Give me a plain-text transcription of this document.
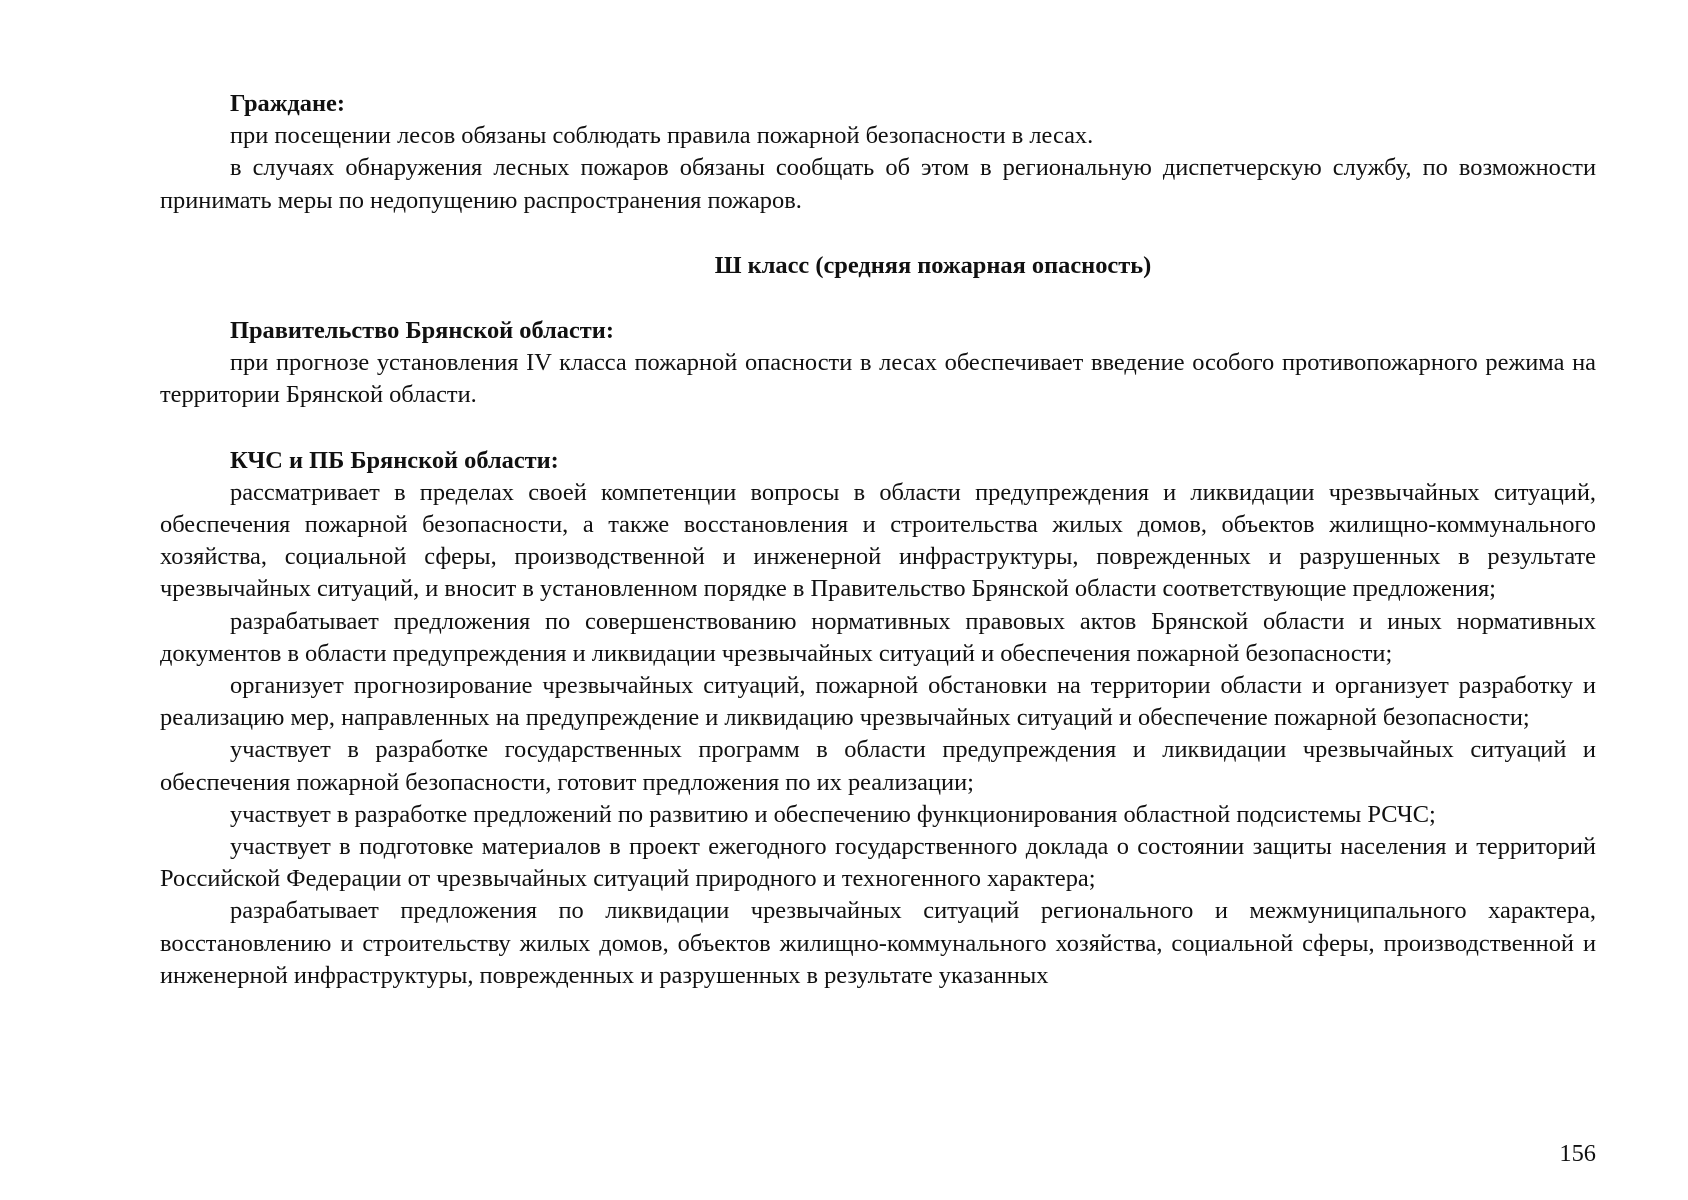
Граждане:

при посещении лесов обязаны соблюдать правила пожарной безопасности в лесах.

в случаях обнаружения лесных пожаров обязаны сообщать об этом в региональную диспетчерскую службу, по возможности принимать меры по недопущению распространения пожаров.

Ш класс (средняя пожарная опасность)

Правительство Брянской области:

при прогнозе установления IV класса пожарной опасности в лесах обеспечивает введение особого противопожарного режима на территории Брянской области.

КЧС и ПБ Брянской области:

рассматривает в пределах своей компетенции вопросы в области предупреждения и ликвидации чрезвычайных ситуаций, обеспечения пожарной безопасности, а также восстановления и строительства жилых домов, объектов жилищно-коммунального хозяйства, социальной сферы, производственной и инженерной инфраструктуры, поврежденных и разрушенных в результате чрезвычайных ситуаций, и вносит в установленном порядке в Правительство Брянской области соответствующие предложения;

разрабатывает предложения по совершенствованию нормативных правовых актов Брянской области и иных нормативных документов в области предупреждения и ликвидации чрезвычайных ситуаций и обеспечения пожарной безопасности;

организует прогнозирование чрезвычайных ситуаций, пожарной обстановки на территории области и организует разработку и реализацию мер, направленных на предупреждение и ликвидацию чрезвычайных ситуаций и обеспечение пожарной безопасности;

участвует в разработке государственных программ в области предупреждения и ликвидации чрезвычайных ситуаций и обеспечения пожарной безопасности, готовит предложения по их реализации;

участвует в разработке предложений по развитию и обеспечению функционирования областной подсистемы РСЧС;

участвует в подготовке материалов в проект ежегодного государственного доклада о состоянии защиты населения и территорий Российской Федерации от чрезвычайных ситуаций природного и техногенного характера;

разрабатывает предложения по ликвидации чрезвычайных ситуаций регионального и межмуниципального характера, восстановлению и строительству жилых домов, объектов жилищно-коммунального хозяйства, социальной сферы, производственной и инженерной инфраструктуры, поврежденных и разрушенных в результате указанных

156
